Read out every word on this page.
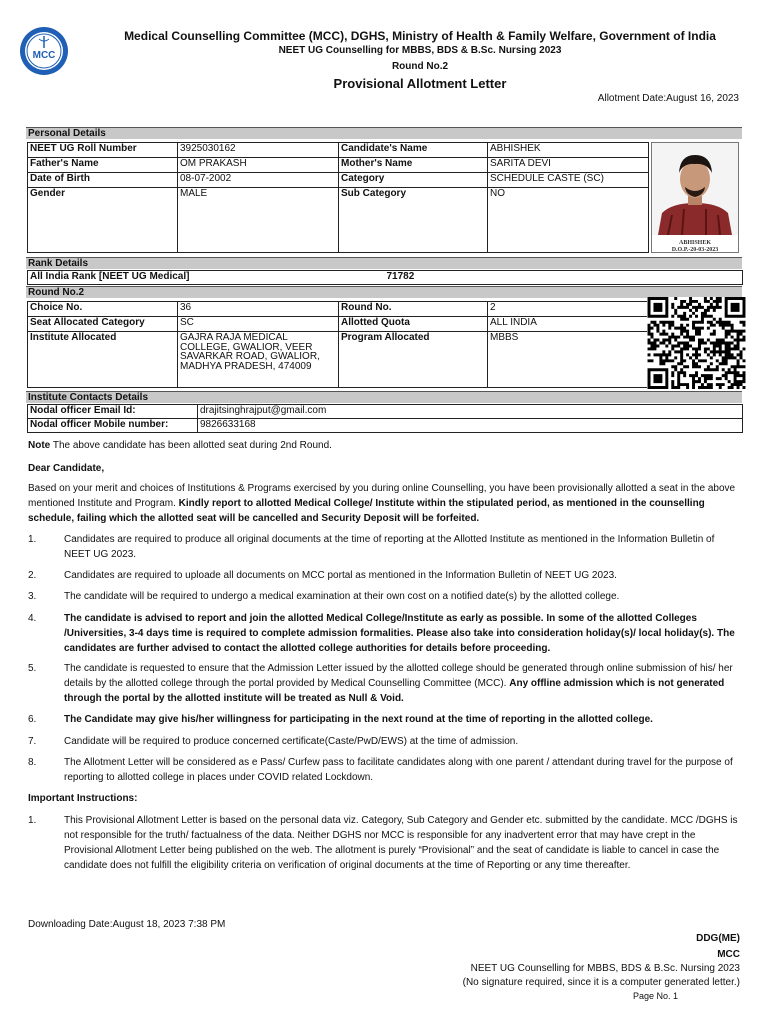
MCC
Medical Counselling Committee (MCC), DGHS, Ministry of Health & Family Welfare, Government of India
NEET UG Counselling for MBBS, BDS & B.Sc. Nursing 2023
Round No.2
Provisional Allotment Letter
Allotment Date:August 16, 2023
Personal Details
NEET UG Roll Number	3925030162	Candidate's Name	ABHISHEK
Father's Name	OM PRAKASH	Mother's Name	SARITA DEVI
Date of Birth	08-07-2002	Category	SCHEDULE CASTE (SC)
Gender	MALE	Sub Category	NO
ABHISHEK
D.O.P.-20-03-2023
Rank Details
All India Rank [NEET UG Medical]	71782
Round No.2
Choice No.	36	Round No.	2
Seat Allocated Category	SC	Allotted Quota	ALL INDIA
Institute Allocated	GAJRA RAJA MEDICAL COLLEGE, GWALIOR, VEER SAVARKAR ROAD, GWALIOR, MADHYA PRADESH, 474009	Program Allocated	MBBS
Institute Contacts Details
Nodal officer Email Id:	drajitsinghrajput@gmail.com
Nodal officer Mobile number:	9826633168
Note The above candidate has been allotted seat during 2nd Round.
Dear Candidate,
Based on your merit and choices of Institutions & Programs exercised by you during online Counselling, you have been provisionally allotted a seat in the above mentioned Institute and Program. Kindly report to allotted Medical College/ Institute within the stipulated period, as mentioned in the counselling schedule, failing which the allotted seat will be cancelled and Security Deposit will be forfeited.
1.	Candidates are required to produce all original documents at the time of reporting at the Allotted Institute as mentioned in the Information Bulletin of NEET UG 2023.
2.	Candidates are required to uploade all documents on MCC portal as mentioned in the Information Bulletin of NEET UG 2023.
3.	The candidate will be required to undergo a medical examination at their own cost on a notified date(s) by the allotted college.
4.	The candidate is advised to report and join the allotted Medical College/Institute as early as possible. In some of the allotted Colleges /Universities, 3-4 days time is required to complete admission formalities. Please also take into consideration holiday(s)/ local holiday(s). The candidates are further advised to contact the allotted college authorities for details before proceeding.
5.	The candidate is requested to ensure that the Admission Letter issued by the allotted college should be generated through online submission of his/ her details by the allotted college through the portal provided by Medical Counselling Committee (MCC). Any offline admission which is not generated through the portal by the allotted institute will be treated as Null & Void.
6.	The Candidate may give his/her willingness for participating in the next round at the time of reporting in the allotted college.
7.	Candidate will be required to produce concerned certificate(Caste/PwD/EWS) at the time of admission.
8.	The Allotment Letter will be considered as e Pass/ Curfew pass to facilitate candidates along with one parent / attendant during travel for the purpose of reporting to allotted college in places under COVID related Lockdown.
Important Instructions:
1.	This Provisional Allotment Letter is based on the personal data viz. Category, Sub Category and Gender etc. submitted by the candidate. MCC /DGHS is not responsible for the truth/ factualness of the data. Neither DGHS nor MCC is responsible for any inadvertent error that may have crept in the Provisional Allotment Letter being published on the web. The allotment is purely “Provisional” and the seat of candidate is liable to cancel in case the candidate does not fulfill the eligibility criteria on verification of original documents at the time of Reporting or any time thereafter.
Downloading Date:August 18, 2023 7:38 PM
DDG(ME)
MCC
NEET UG Counselling for MBBS, BDS & B.Sc. Nursing 2023
(No signature required, since it is a computer generated letter.)
Page No. 1
